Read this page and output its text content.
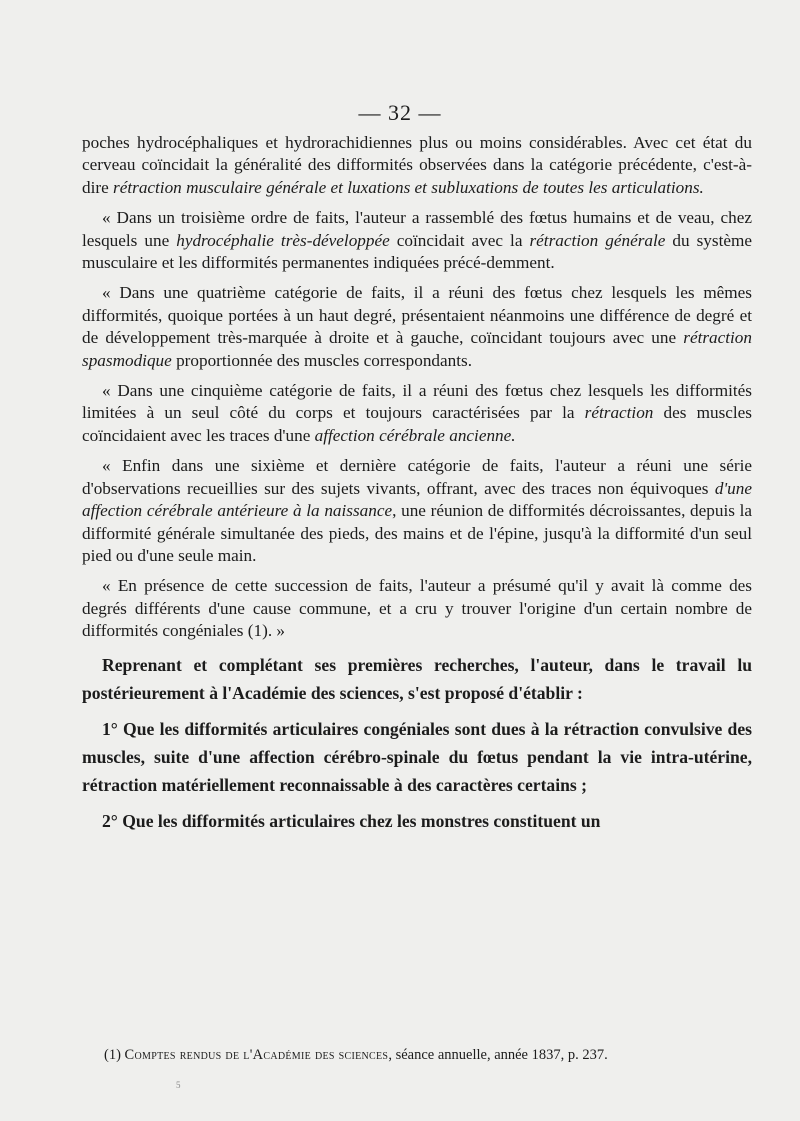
— 32 —

poches hydrocéphaliques et hydrorachidiennes plus ou moins considérables. Avec cet état du cerveau coïncidait la généralité des difformités observées dans la catégorie précédente, c'est-à-dire rétraction musculaire générale et luxations et subluxations de toutes les articulations.

« Dans un troisième ordre de faits, l'auteur a rassemblé des fœtus humains et de veau, chez lesquels une hydrocéphalie très-développée coïncidait avec la rétraction générale du système musculaire et les difformités permanentes indiquées précé-demment.

« Dans une quatrième catégorie de faits, il a réuni des fœtus chez lesquels les mêmes difformités, quoique portées à un haut degré, présentaient néanmoins une différence de degré et de développement très-marquée à droite et à gauche, coïncidant toujours avec une rétraction spasmodique proportionnée des muscles correspondants.

« Dans une cinquième catégorie de faits, il a réuni des fœtus chez lesquels les difformités limitées à un seul côté du corps et toujours caractérisées par la rétraction des muscles coïncidaient avec les traces d'une affection cérébrale ancienne.

« Enfin dans une sixième et dernière catégorie de faits, l'auteur a réuni une série d'observations recueillies sur des sujets vivants, offrant, avec des traces non équivoques d'une affection cérébrale antérieure à la naissance, une réunion de difformités décroissantes, depuis la difformité générale simultanée des pieds, des mains et de l'épine, jusqu'à la difformité d'un seul pied ou d'une seule main.

« En présence de cette succession de faits, l'auteur a présumé qu'il y avait là comme des degrés différents d'une cause commune, et a cru y trouver l'origine d'un certain nombre de difformités congéniales (1). »

Reprenant et complétant ses premières recherches, l'auteur, dans le travail lu postérieurement à l'Académie des sciences, s'est proposé d'établir :

1° Que les difformités articulaires congéniales sont dues à la rétraction convulsive des muscles, suite d'une affection cérébro-spinale du fœtus pendant la vie intra-utérine, rétraction matériellement reconnaissable à des caractères certains ;

2° Que les difformités articulaires chez les monstres constituent un

(1) Comptes rendus de l'Académie des sciences, séance annuelle, année 1837, p. 237.
5
